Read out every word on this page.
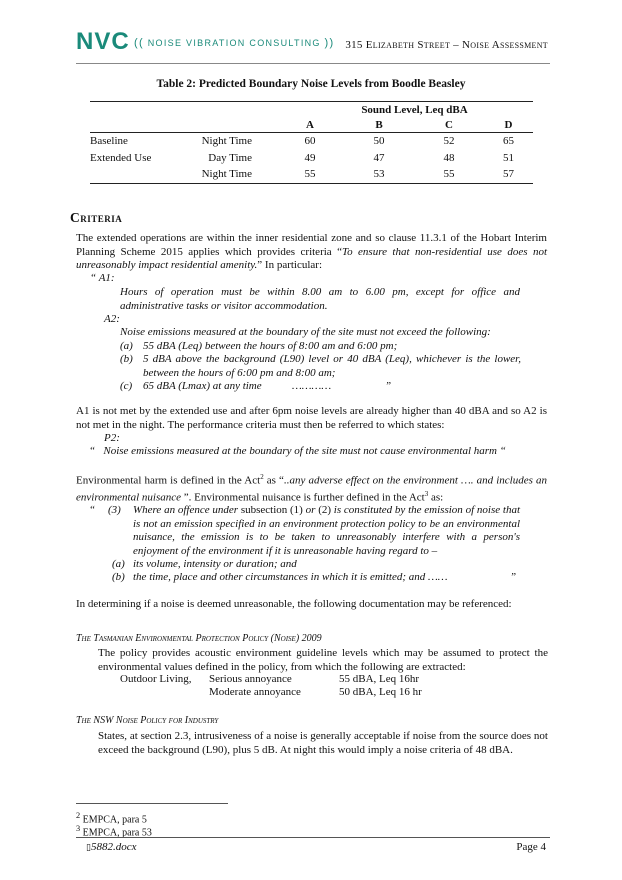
NVC (( NOISE VIBRATION CONSULTING )) 315 Elizabeth Street – Noise Assessment
Table 2: Predicted Boundary Noise Levels from Boodle Beasley
		Sound Level, Leq dBA			
		A	B	C	D
Baseline	Night Time	60	50	52	65
Extended Use	Day Time	49	47	48	51
	Night Time	55	53	55	57
Criteria
The extended operations are within the inner residential zone and so clause 11.3.1 of the Hobart Interim Planning Scheme 2015 applies which provides criteria “To ensure that non-residential use does not unreasonably impact residential amenity.” In particular:
“ A1:
Hours of operation must be within 8.00 am to 6.00 pm, except for office and administrative tasks or visitor accommodation.
A2:
Noise emissions measured at the boundary of the site must not exceed the following:
(a) 55 dBA (Leq) between the hours of 8:00 am and 6:00 pm;
(b) 5 dBA above the background (L90) level or 40 dBA (Leq), whichever is the lower, between the hours of 6:00 pm and 8:00 am;
(c) 65 dBA (Lmax) at any time	…………	”
A1 is not met by the extended use and after 6pm noise levels are already higher than 40 dBA and so A2 is not met in the night. The performance criteria must then be referred to which states:
P2:
“ Noise emissions measured at the boundary of the site must not cause environmental harm “
Environmental harm is defined in the Act$^2$ as “..any adverse effect on the environment …. and includes an environmental nuisance ”. Environmental nuisance is further defined in the Act$^3$ as:
“ (3) Where an offence under subsection (1) or (2) is constituted by the emission of noise that is not an emission specified in an environment protection policy to be an environmental nuisance, the emission is to be taken to unreasonably interfere with a person's enjoyment of the environment if it is unreasonable having regard to –
(a) its volume, intensity or duration; and
(b) the time, place and other circumstances in which it is emitted; and ……	”
In determining if a noise is deemed unreasonable, the following documentation may be referenced:
The Tasmanian Environmental Protection Policy (Noise) 2009
The policy provides acoustic environment guideline levels which may be assumed to protect the environmental values defined in the policy, from which the following are extracted:
Outdoor Living, Serious annoyance	55 dBA, Leq 16hr
Moderate annoyance	50 dBA, Leq 16 hr
The NSW Noise Policy for Industry
States, at section 2.3, intrusiveness of a noise is generally acceptable if noise from the source does not exceed the background (L90), plus 5 dB. At night this would imply a noise criteria of 48 dBA.
$^2$ EMPCA, para 5
$^3$ EMPCA, para 53
▯5882.docx	Page 4
